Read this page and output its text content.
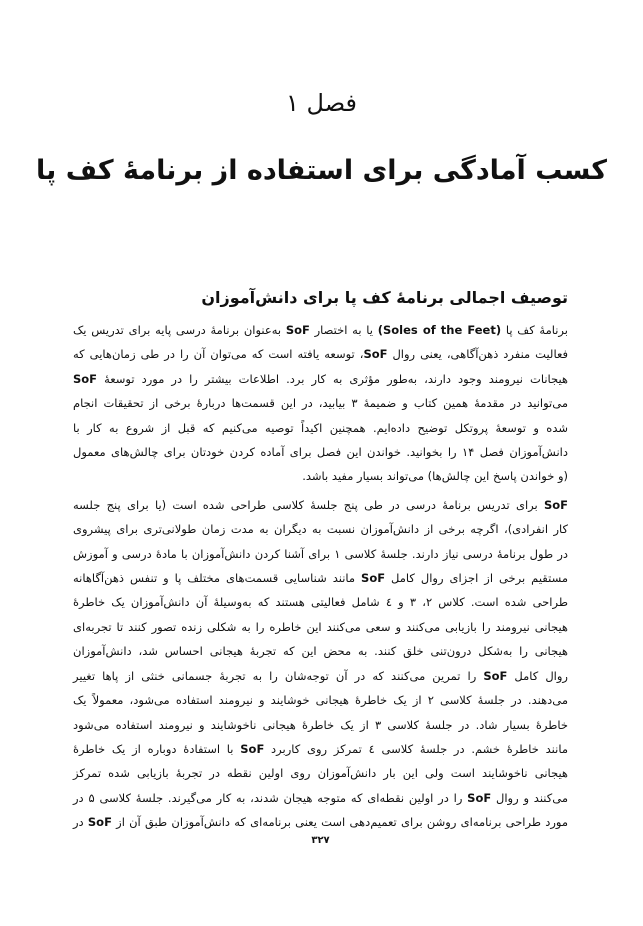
فصل ۱
کسب آمادگی برای استفاده از برنامهٔ کف پا
توصیف اجمالی برنامهٔ کف پا برای دانش‌آموزان
برنامهٔ کف پا (Soles of the Feet) یا به اختصار SoF به‌عنوان برنامهٔ درسی پایه برای تدریس یک
فعالیت منفرد ذهن‌آگاهی، یعنی روال SoF، توسعه یافته است که می‌توان آن را در طی زمان‌هایی که
هیجانات نیرومند وجود دارند، به‌طور مؤثری به کار برد. اطلاعات بیشتر را در مورد توسعهٔ SoF
می‌توانید در مقدمهٔ همین کتاب و ضمیمهٔ ۳ بیابید، در این قسمت‌ها دربارهٔ برخی از تحقیقات انجام
شده و توسعهٔ پروتکل توضیح داده‌ایم. همچنین اکیداً توصیه می‌کنیم که قبل از شروع به کار با
دانش‌آموزان فصل ۱۴ را بخوانید. خواندن این فصل برای آماده کردن خودتان برای چالش‌های معمول
(و خواندن پاسخ این چالش‌ها) می‌تواند بسیار مفید باشد.
SoF برای تدریس برنامهٔ درسی در طی پنج جلسهٔ کلاسی طراحی شده است (یا برای پنج جلسه
کار انفرادی)، اگرچه برخی از دانش‌آموزان نسبت به دیگران به مدت زمان طولانی‌تری برای پیشروی
در طول برنامهٔ درسی نیاز دارند. جلسهٔ کلاسی ۱ برای آشنا کردن دانش‌آموزان با مادهٔ درسی و آموزش
مستقیم برخی از اجزای روال کامل SoF مانند شناسایی قسمت‌های مختلف پا و تنفس ذهن‌آگاهانه
طراحی شده است. کلاس ۲، ۳ و ٤ شامل فعالیتی هستند که به‌وسیلهٔ آن دانش‌آموزان یک خاطرهٔ
هیجانی نیرومند را بازیابی می‌کنند و سعی می‌کنند این خاطره را به شکلی زنده تصور کنند تا تجربه‌ای
هیجانی را به‌شکل درون‌تنی خلق کنند. به محض این که تجربهٔ هیجانی احساس شد، دانش‌آموزان
روال کامل SoF را تمرین می‌کنند که در آن توجه‌شان را به تجربهٔ جسمانی خنثی از پاها تغییر
می‌دهند. در جلسهٔ کلاسی ۲ از یک خاطرهٔ هیجانی خوشایند و نیرومند استفاده می‌شود، معمولاً یک
خاطرهٔ بسیار شاد. در جلسهٔ کلاسی ۳ از یک خاطرهٔ هیجانی ناخوشایند و نیرومند استفاده می‌شود
مانند خاطرهٔ خشم. در جلسهٔ کلاسی ٤ تمرکز روی کاربرد SoF با استفادهٔ دوباره از یک خاطرهٔ
هیجانی ناخوشایند است ولی این بار دانش‌آموزان روی اولین نقطه در تجربهٔ بازیابی شده تمرکز
می‌کنند و روال SoF را در اولین نقطه‌ای که متوجه هیجان شدند، به کار می‌گیرند. جلسهٔ کلاسی ۵ در
مورد طراحی برنامه‌ای روشن برای تعمیم‌دهی است یعنی برنامه‌ای که دانش‌آموزان طبق آن از SoF در
۳۲۷
